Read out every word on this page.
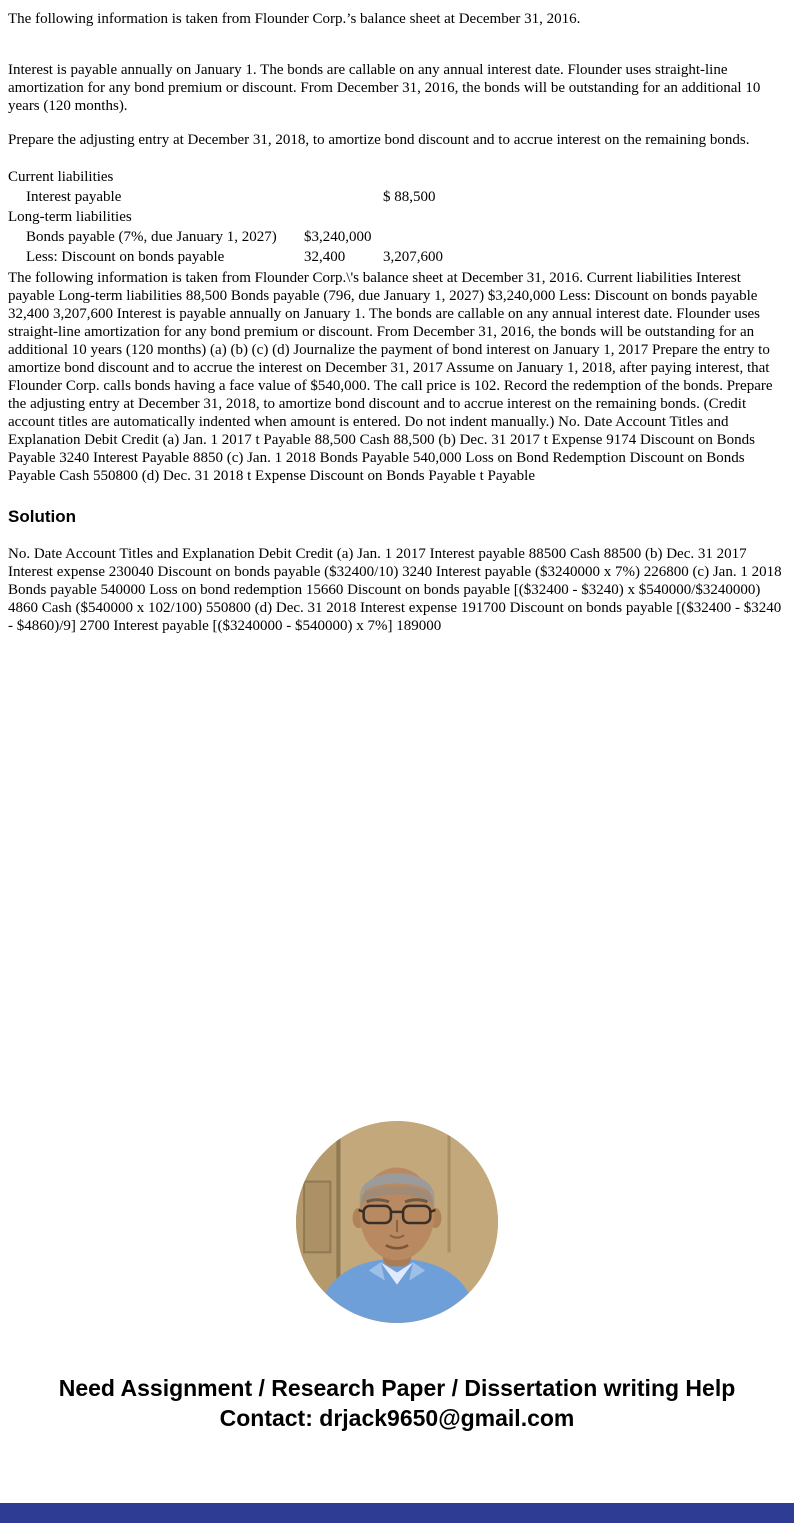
The following information is taken from Flounder Corp.’s balance sheet at December 31, 2016.

Interest is payable annually on January 1. The bonds are callable on any annual interest date. Flounder uses straight-line amortization for any bond premium or discount. From December 31, 2016, the bonds will be outstanding for an additional 10 years (120 months).

Prepare the adjusting entry at December 31, 2018, to amortize bond discount and to accrue interest on the remaining bonds.

Current liabilities
Interest payable	$ 88,500
Long-term liabilities
Bonds payable (7%, due January 1, 2027) $3,240,000
Less: Discount on bonds payable	32,400	3,207,600

The following information is taken from Flounder Corp.\'s balance sheet at December 31, 2016. Current liabilities Interest payable Long-term liabilities 88,500 Bonds payable (796, due January 1, 2027) $3,240,000 Less: Discount on bonds payable 32,400 3,207,600 Interest is payable annually on January 1. The bonds are callable on any annual interest date. Flounder uses straight-line amortization for any bond premium or discount. From December 31, 2016, the bonds will be outstanding for an additional 10 years (120 months) (a) (b) (c) (d) Journalize the payment of bond interest on January 1, 2017 Prepare the entry to amortize bond discount and to accrue the interest on December 31, 2017 Assume on January 1, 2018, after paying interest, that Flounder Corp. calls bonds having a face value of $540,000. The call price is 102. Record the redemption of the bonds. Prepare the adjusting entry at December 31, 2018, to amortize bond discount and to accrue interest on the remaining bonds. (Credit account titles are automatically indented when amount is entered. Do not indent manually.) No. Date Account Titles and Explanation Debit Credit (a) Jan. 1 2017 t Payable 88,500 Cash 88,500 (b) Dec. 31 2017 t Expense 9174 Discount on Bonds Payable 3240 Interest Payable 8850 (c) Jan. 1 2018 Bonds Payable 540,000 Loss on Bond Redemption Discount on Bonds Payable Cash 550800 (d) Dec. 31 2018 t Expense Discount on Bonds Payable t Payable

Solution

No. Date Account Titles and Explanation Debit Credit (a) Jan. 1 2017 Interest payable 88500 Cash 88500 (b) Dec. 31 2017 Interest expense 230040 Discount on bonds payable ($32400/10) 3240 Interest payable ($3240000 x 7%) 226800 (c) Jan. 1 2018 Bonds payable 540000 Loss on bond redemption 15660 Discount on bonds payable [($32400 - $3240) x $540000/$3240000) 4860 Cash ($540000 x 102/100) 550800 (d) Dec. 31 2018 Interest expense 191700 Discount on bonds payable [($32400 - $3240 - $4860)/9] 2700 Interest payable [($3240000 - $540000) x 7%] 189000

Need Assignment / Research Paper / Dissertation writing Help
Contact: drjack9650@gmail.com
